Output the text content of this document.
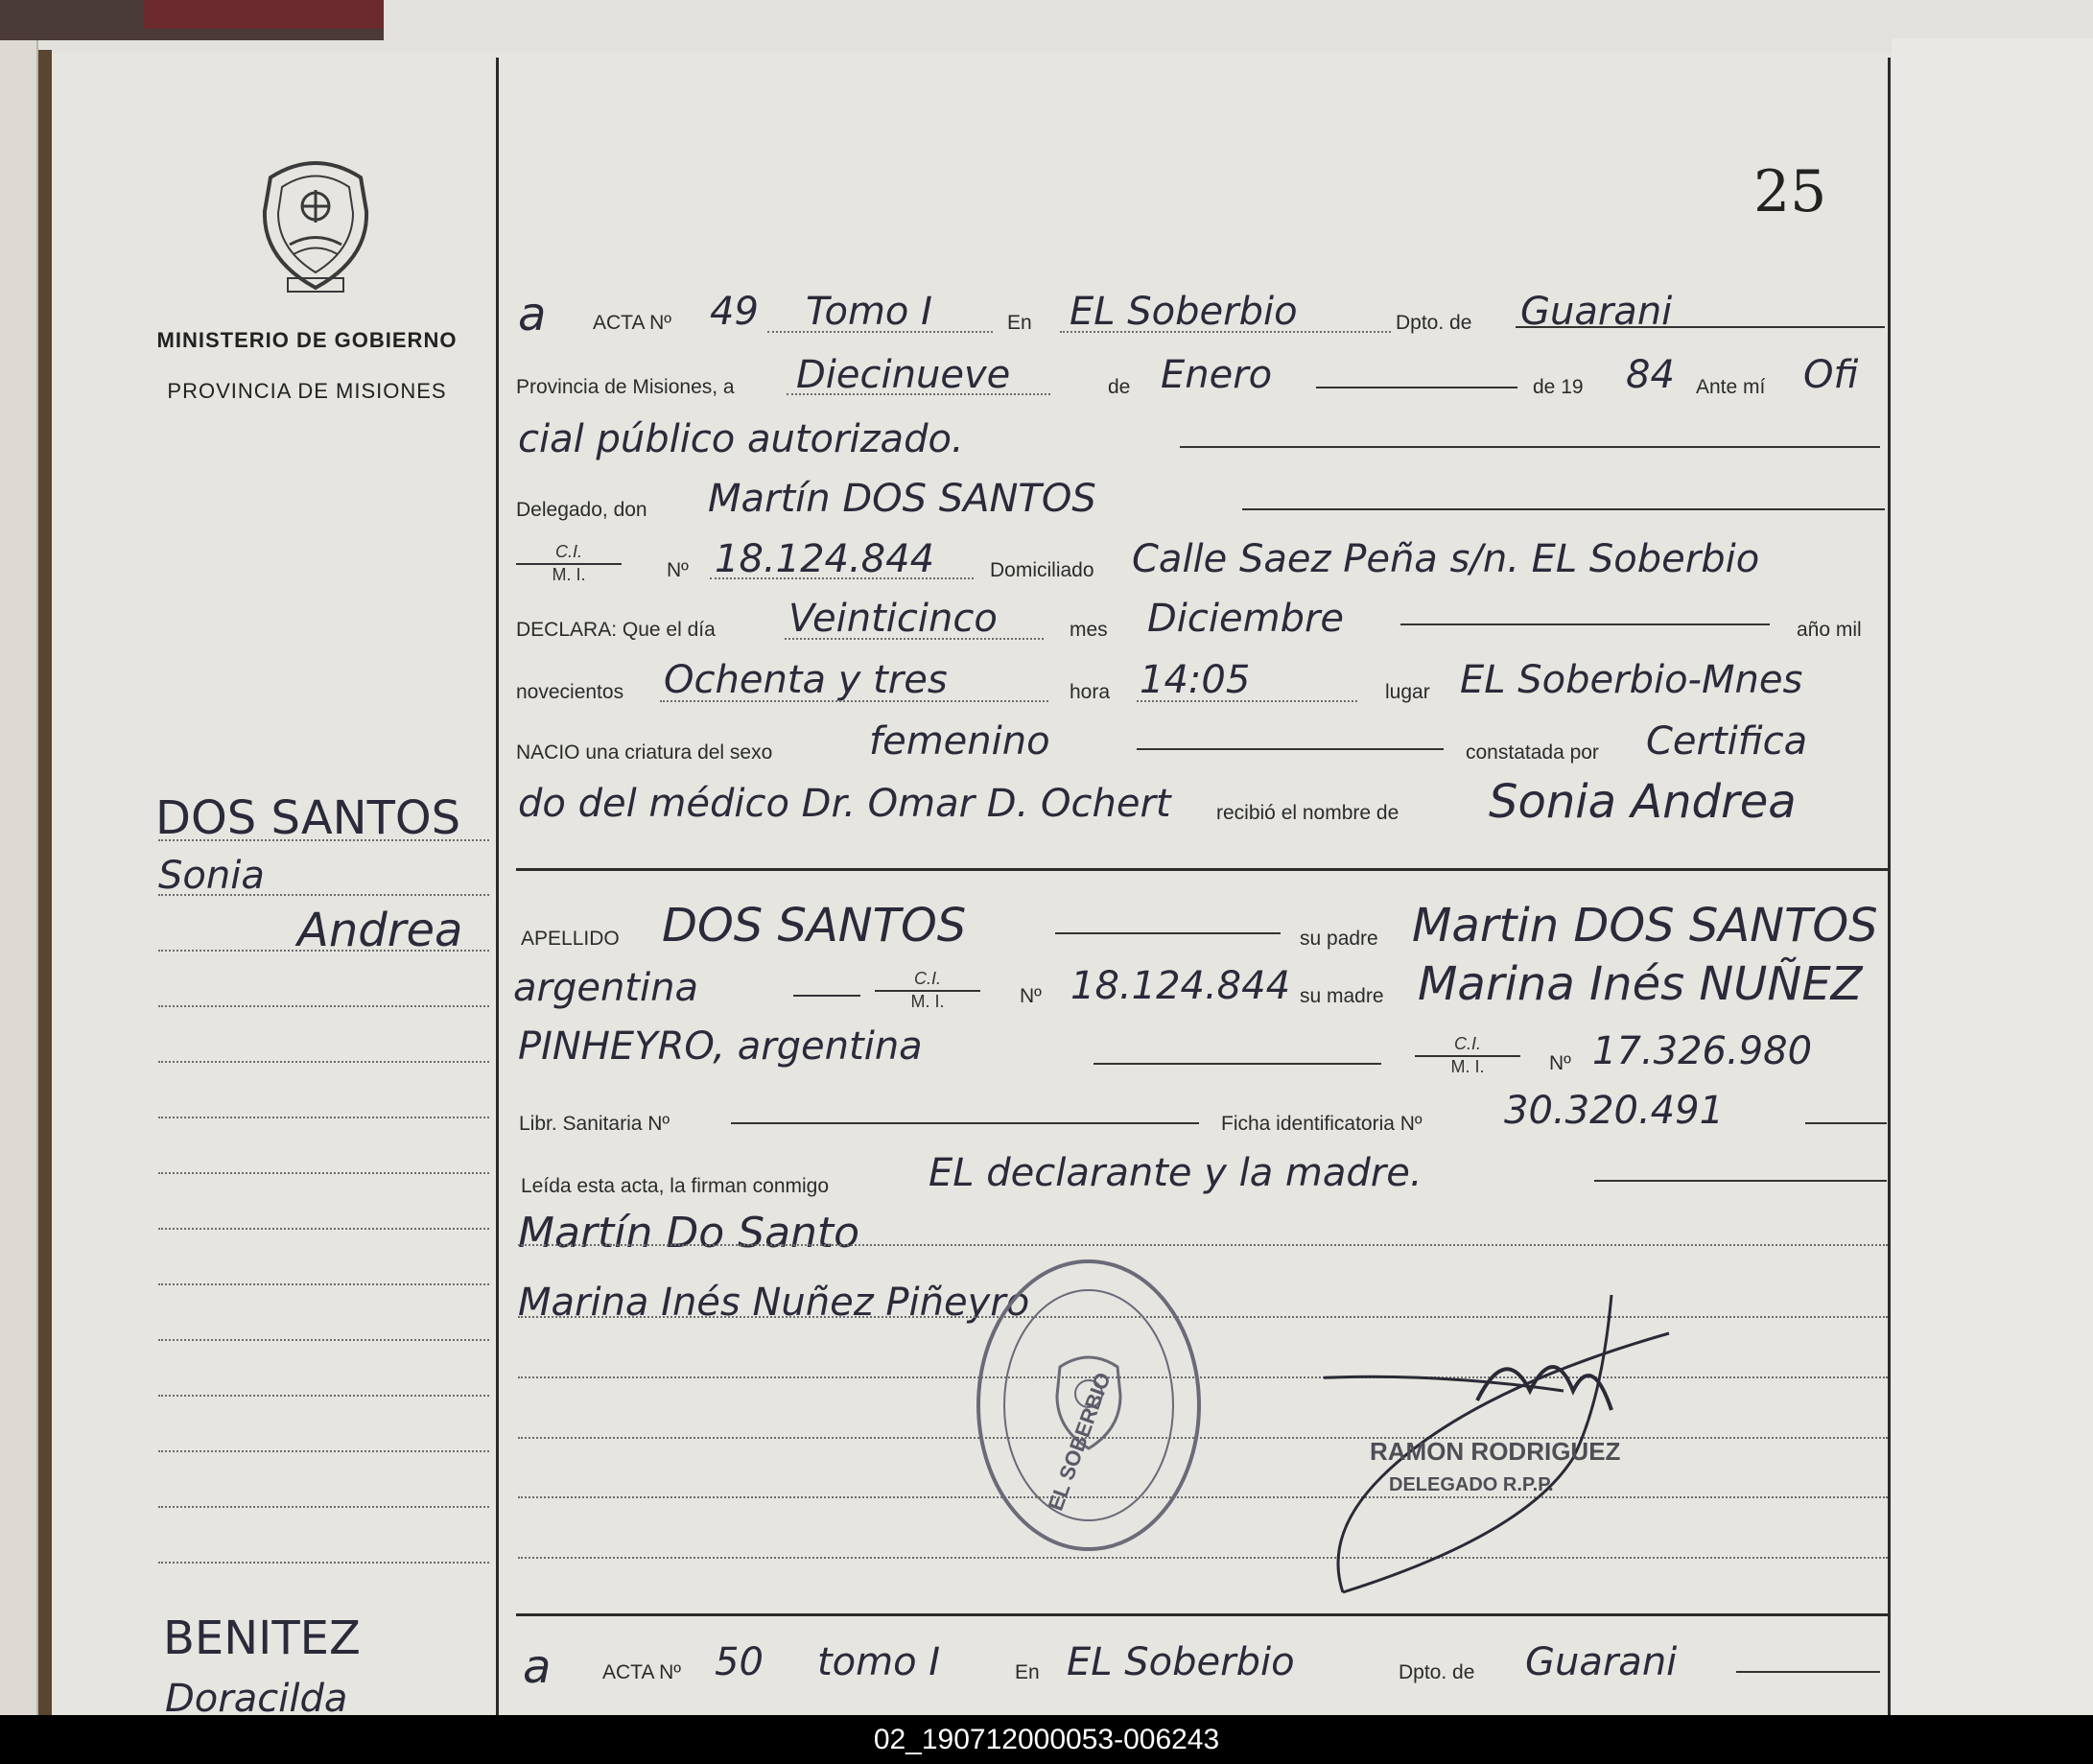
MINISTERIO DE GOBIERNO
PROVINCIA DE MISIONES
25
a ACTA Nº 49 Tomo I	En EL Soberbio	Dpto. de Guarani
Provincia de Misiones, a Diecinueve	de Enero	de 19 84 Ante mí Ofi
cial público autorizado.
Delegado, don Martín DOS SANTOS
$\frac{C.I.}{M. I.}$ Nº 18.124.844	Domiciliado Calle Saez Peña s/n. EL Soberbio
DECLARA: Que el día Veinticinco	mes Diciembre	año mil
novecientos Ochenta y tres	hora 14:05	lugar EL Soberbio-Mnes
NACIO una criatura del sexo	femenino	constatada por Certifica
do del médico Dr. Omar D. Ochert recibió el nombre de Sonia Andrea
APELLIDO DOS SANTOS	su padre Martin DOS SANTOS
argentina	$\frac{C.I.}{M. I.}$ Nº 18.124.844 su madre Marina Inés NUÑEZ
PINHEYRO, argentina	$\frac{C.I.}{M. I.}$ Nº 17.326.980
Libr. Sanitaria Nº	Ficha identificatoria Nº 30.320.491
Leída esta acta, la firman conmigo	EL declarante y la madre.
Martín Do Santo
Marina Inés Nuñez Piñeyro
EL SOBERBIO	RAMON RODRIGUEZ
DELEGADO R.P.P.
a	ACTA Nº 50 tomo I	En EL Soberbio	Dpto. de Guarani
DOS SANTOS
Sonia
Andrea
BENITEZ
Doracilda
02_190712000053-006243
